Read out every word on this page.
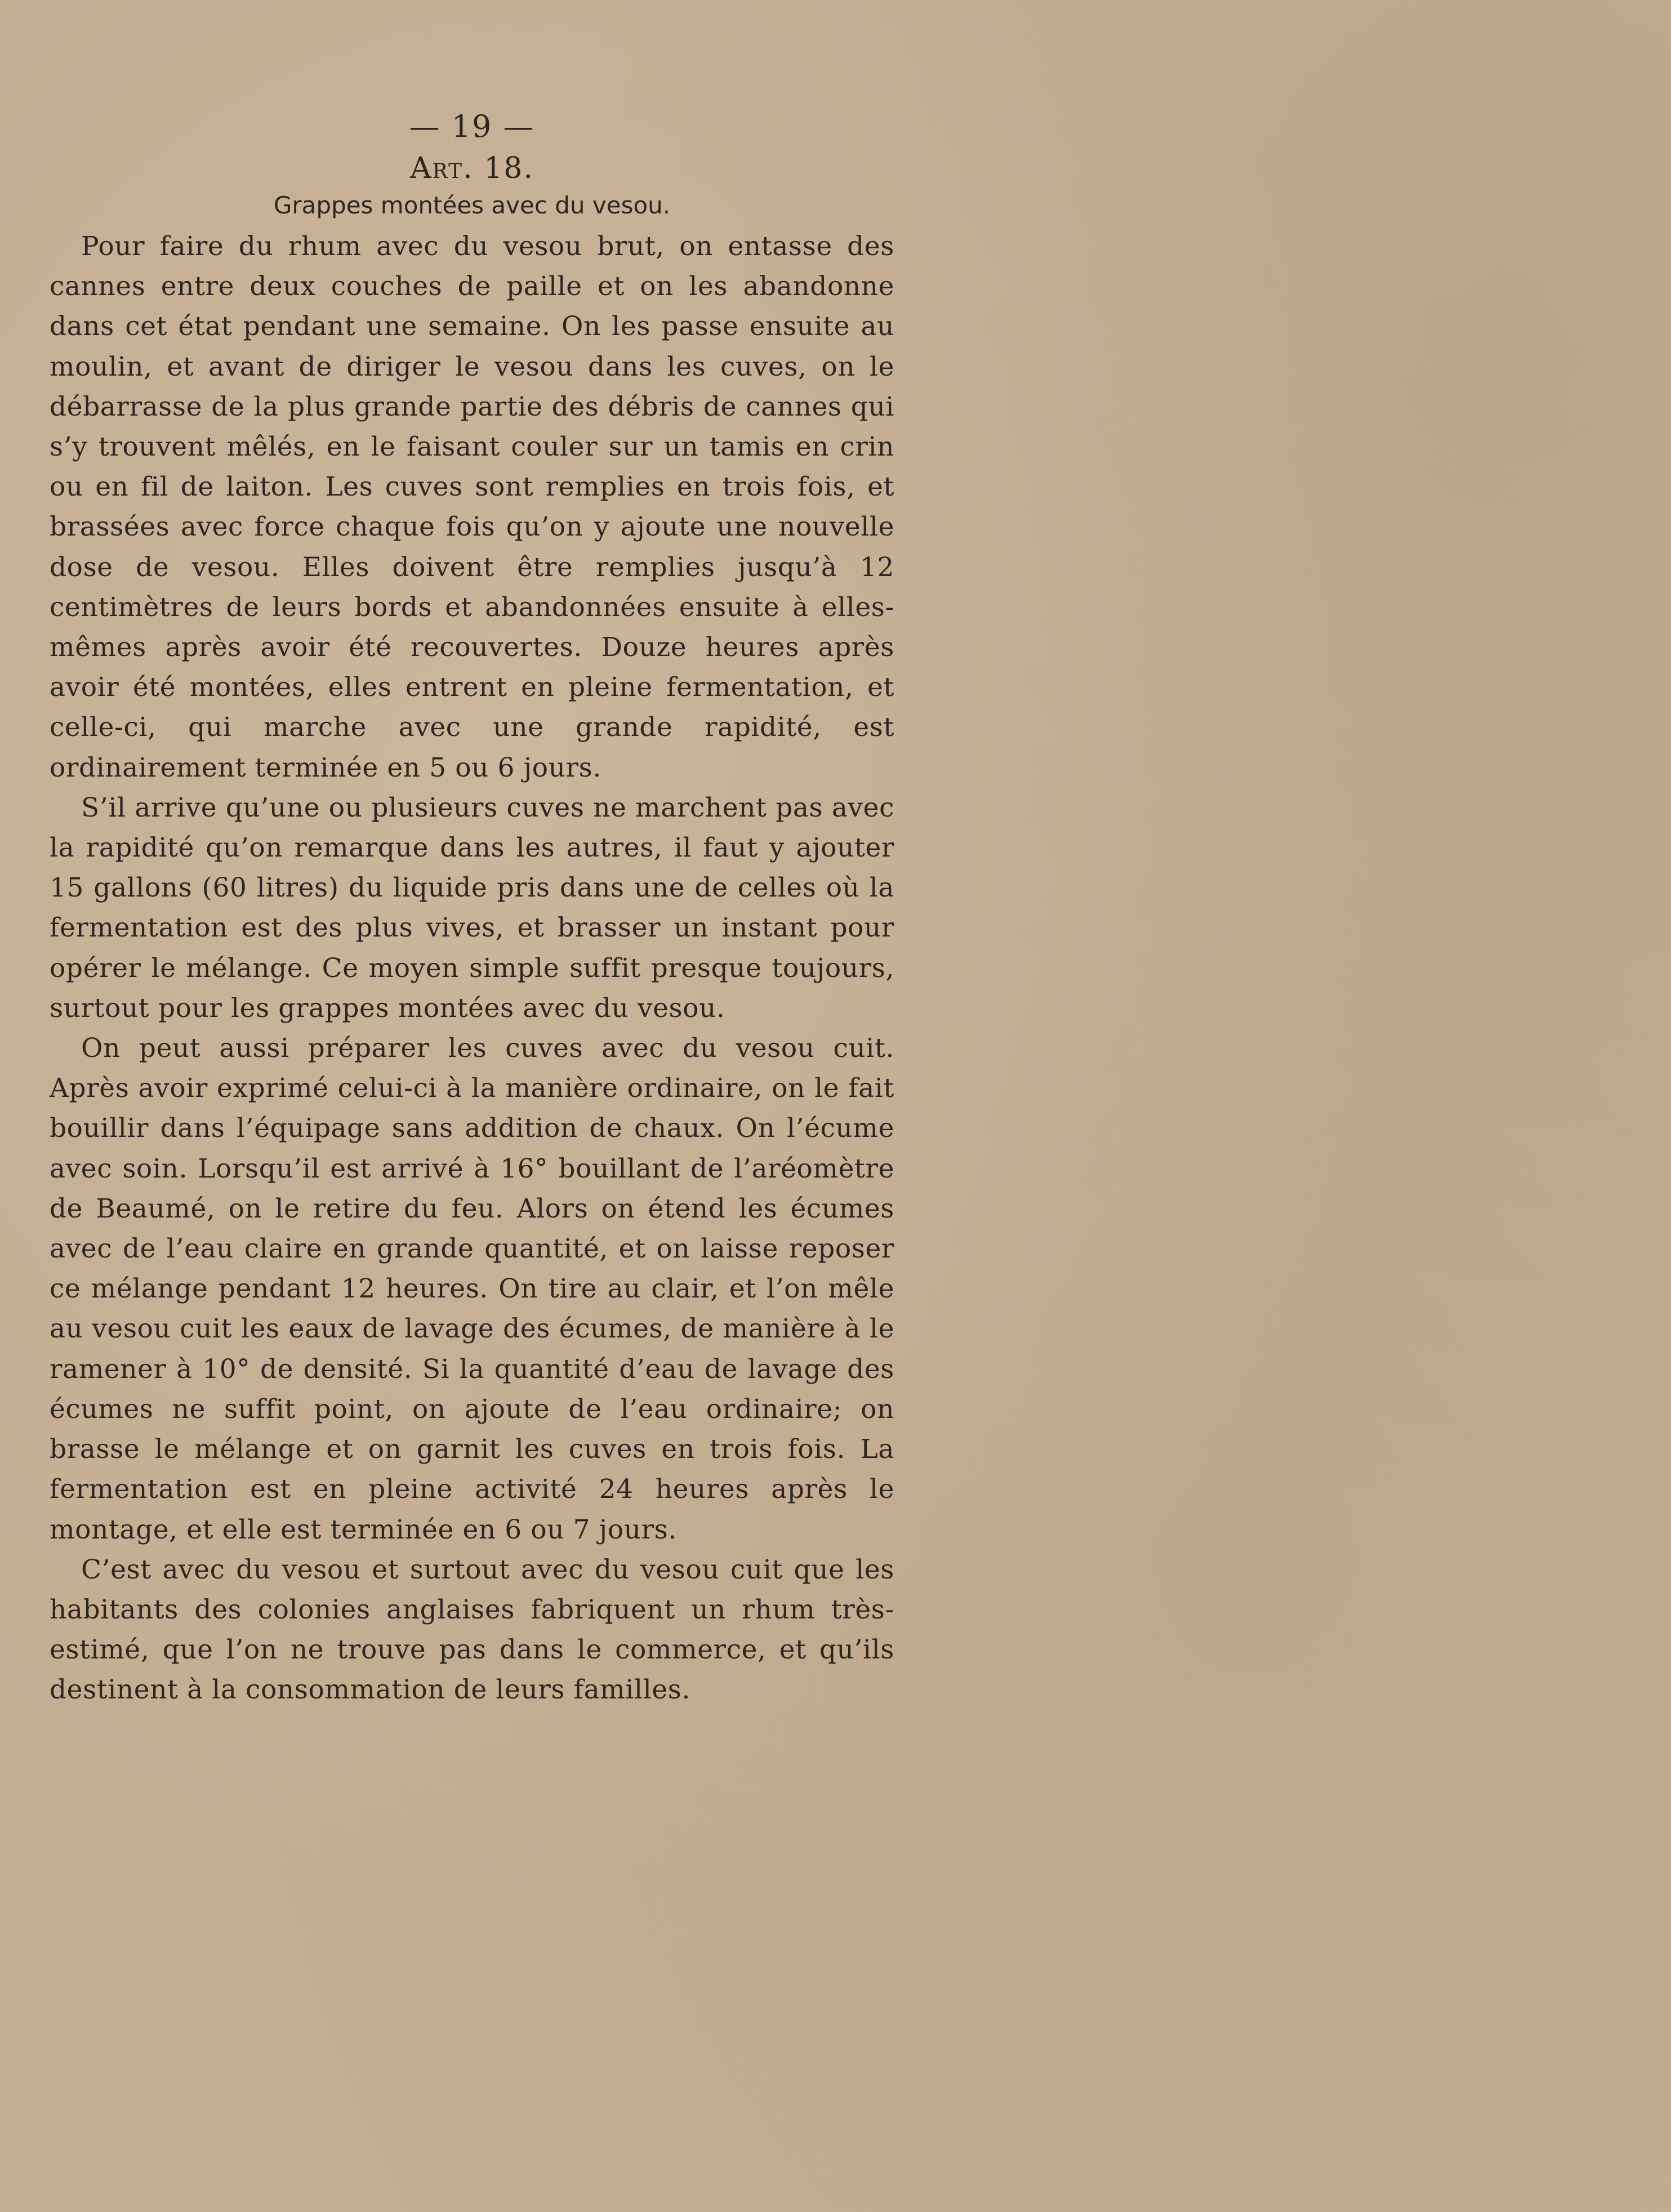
— 19 —
Art. 18.
Grappes montées avec du vesou.

Pour faire du rhum avec du vesou brut, on entasse des cannes entre deux couches de paille et on les abandonne dans cet état pendant une semaine. On les passe ensuite au moulin, et avant de diriger le vesou dans les cuves, on le débarrasse de la plus grande partie des débris de cannes qui s’y trouvent mêlés, en le faisant couler sur un tamis en crin ou en fil de laiton. Les cuves sont remplies en trois fois, et brassées avec force chaque fois qu’on y ajoute une nouvelle dose de vesou. Elles doivent être remplies jusqu’à 12 centimètres de leurs bords et abandonnées ensuite à elles-mêmes après avoir été recouvertes. Douze heures après avoir été montées, elles entrent en pleine fermentation, et celle-ci, qui marche avec une grande rapidité, est ordinairement terminée en 5 ou 6 jours.

S’il arrive qu’une ou plusieurs cuves ne marchent pas avec la rapidité qu’on remarque dans les autres, il faut y ajouter 15 gallons (60 litres) du liquide pris dans une de celles où la fermentation est des plus vives, et brasser un instant pour opérer le mélange. Ce moyen simple suffit presque toujours, surtout pour les grappes montées avec du vesou.

On peut aussi préparer les cuves avec du vesou cuit. Après avoir exprimé celui-ci à la manière ordinaire, on le fait bouillir dans l’équipage sans addition de chaux. On l’écume avec soin. Lorsqu’il est arrivé à 16° bouillant de l’aréomètre de Beaumé, on le retire du feu. Alors on étend les écumes avec de l’eau claire en grande quantité, et on laisse reposer ce mélange pendant 12 heures. On tire au clair, et l’on mêle au vesou cuit les eaux de lavage des écumes, de manière à le ramener à 10° de densité. Si la quantité d’eau de lavage des écumes ne suffit point, on ajoute de l’eau ordinaire; on brasse le mélange et on garnit les cuves en trois fois. La fermentation est en pleine activité 24 heures après le montage, et elle est terminée en 6 ou 7 jours.

C’est avec du vesou et surtout avec du vesou cuit que les habitants des colonies anglaises fabriquent un rhum très-estimé, que l’on ne trouve pas dans le commerce, et qu’ils destinent à la consommation de leurs familles.
